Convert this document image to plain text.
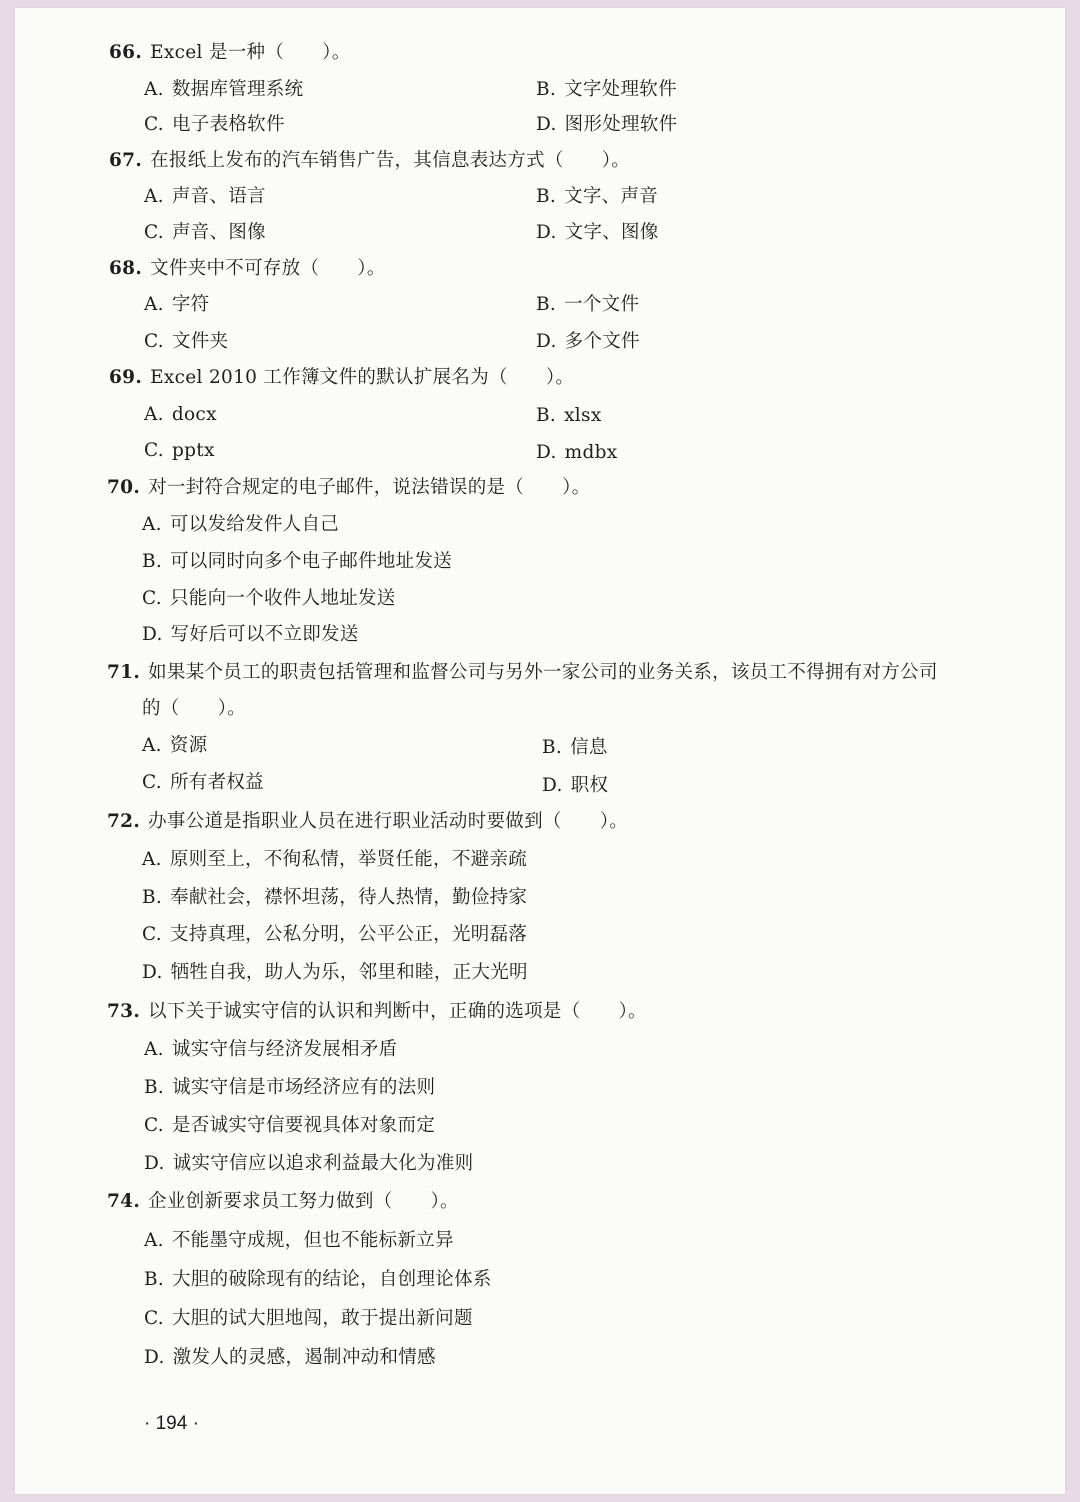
66. Excel 是一种（ ）。
A. 数据库管理系统	B. 文字处理软件
C. 电子表格软件	D. 图形处理软件
67. 在报纸上发布的汽车销售广告，其信息表达方式（ ）。
A. 声音、语言	B. 文字、声音
C. 声音、图像	D. 文字、图像
68. 文件夹中不可存放（ ）。
A. 字符	B. 一个文件
C. 文件夹	D. 多个文件
69. Excel 2010 工作簿文件的默认扩展名为（ ）。
A. docx	B. xlsx
C. pptx	D. mdbx
70. 对一封符合规定的电子邮件，说法错误的是（ ）。
A. 可以发给发件人自己
B. 可以同时向多个电子邮件地址发送
C. 只能向一个收件人地址发送
D. 写好后可以不立即发送
71. 如果某个员工的职责包括管理和监督公司与另外一家公司的业务关系，该员工不得拥有对方公司
的（ ）。
A. 资源	B. 信息
C. 所有者权益	D. 职权
72. 办事公道是指职业人员在进行职业活动时要做到（ ）。
A. 原则至上，不徇私情，举贤任能，不避亲疏
B. 奉献社会，襟怀坦荡，待人热情，勤俭持家
C. 支持真理，公私分明，公平公正，光明磊落
D. 牺牲自我，助人为乐，邻里和睦，正大光明
73. 以下关于诚实守信的认识和判断中，正确的选项是（ ）。
A. 诚实守信与经济发展相矛盾
B. 诚实守信是市场经济应有的法则
C. 是否诚实守信要视具体对象而定
D. 诚实守信应以追求利益最大化为准则
74. 企业创新要求员工努力做到（ ）。
A. 不能墨守成规，但也不能标新立异
B. 大胆的破除现有的结论，自创理论体系
C. 大胆的试大胆地闯，敢于提出新问题
D. 激发人的灵感，遏制冲动和情感
· 194 ·
